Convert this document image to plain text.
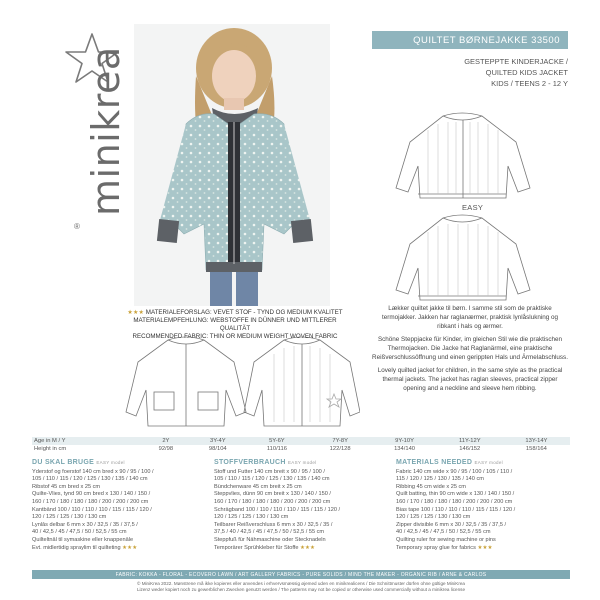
minikrea
®
QUILTET BØRNEJAKKE 33500
GESTEPPTE KINDERJACKE /
QUILTED KIDS JACKET
KIDS / TEENS 2 - 12 Y
EASY

Lækker quiltet jakke til børn. I samme stil som de praktiske termojakker. Jakken har raglanærmer, praktisk lynlåslukning og ribkant i hals og ærmer.

Schöne Steppjacke für Kinder, im gleichen Stil wie die praktischen Thermojacken. Die Jacke hat Raglanärmel, eine praktische Reißverschlussöffnung und einen gerippten Hals und Ärmelabschluss.

Lovely quilted jacket for children, in the same style as the practical thermal jackets. The jacket has raglan sleeves, practical zipper opening and a neckline and sleeve hem ribbing.

★★★ MATERIALEFORSLAG: VEVET STOF - TYND OG MEDIUM KVALITET
MATERIALEMPFEHLUNG: WEBSTOFFE IN DÜNNER UND MITTLERER QUALITÄT
RECOMMENDED FABRIC: THIN OR MEDIUM WEIGHT WOVEN FABRIC
Age in M / Y	2Y	3Y-4Y	5Y-6Y	7Y-8Y	9Y-10Y	11Y-12Y	13Y-14Y
Height in cm	92/98	98/104	110/116	122/128	134/140	146/152	158/164
DU SKAL BRUGE EASY model
Yderstof og foerstof 140 cm bred x 90 / 95 / 100 /
105 / 110 / 115 / 120 / 125 / 130 / 135 / 140 cm
Ribstof 45 cm bred x 25 cm
Quilte-Vlies, tynd 90 cm bred x 130 / 140 / 150 /
160 / 170 / 180 / 180 / 180 / 200 / 200 / 200 cm
Kantbånd 100 / 110 / 110 / 110 / 115 / 115 / 120 /
120 / 125 / 125 / 130 / 130 cm
Lynlås delbar 6 mm x 30 / 32,5 / 35 / 37,5 /
40 / 42,5 / 45 / 47,5 / 50 / 52,5 / 55 cm
Quilteltnål til symaskine eller knappenåle
Evt. midlertidig spraylim til quilteting ★★★
STOFFVERBRAUCH EASY model
Stoff und Futter 140 cm breit x 90 / 95 / 100 /
105 / 110 / 115 / 120 / 125 / 130 / 135 / 140 cm
Bündchenware 45 cm breit x 25 cm
Steppvlies, dünn 90 cm breit x 130 / 140 / 150 /
160 / 170 / 180 / 180 / 180 / 200 / 200 / 200 cm
Schrägband 100 / 110 / 110 / 110 / 115 / 115 / 120 /
120 / 125 / 125 / 130 / 130 cm
Teilbarer Reißverschluss 6 mm x 30 / 32,5 / 35 /
37,5 / 40 / 42,5 / 45 / 47,5 / 50 / 52,5 / 55 cm
Steppfuß für Nähmaschine oder Stecknadeln
Temporärer Sprühkleber für Stoffe ★★★
MATERIALS NEEDED EASY model
Fabric 140 cm wide x 90 / 95 / 100 / 105 / 110 /
115 / 120 / 125 / 130 / 135 / 140 cm
Ribbing 45 cm wide x 25 cm
Quilt batting, thin 90 cm wide x 130 / 140 / 150 /
160 / 170 / 180 / 180 / 180 / 200 / 200 / 200 cm
Bias tape 100 / 110 / 110 / 110 / 115 / 115 / 120 /
120 / 125 / 125 / 130 / 130 cm
Zipper divisible 6 mm x 30 / 32,5 / 35 / 37,5 /
40 / 42,5 / 45 / 47,5 / 50 / 52,5 / 55 cm
Quilting ruler for sewing machine or pins
Temporary spray glue for fabrics ★★★
FABRIC: KOKKA - FLORAL - ECOVERO LAWN / ART GALLERY FABRICS - PURE SOLIDS / MIND THE MAKER - ORGANIC RIB / ARNE & CARLOS
© MiniKrea 2022. Mønstrene må ikke kopieres eller anvendes i erhvervsmæssig øjemed uden en minikrealicens / Die Schnittmuster dürfen ohne gültige MiniKrea
Lizenz weder kopiert noch zu gewerblichen Zwecken genutzt werden / The patterns may not be copied or otherwise used commercially without a minikrea license
